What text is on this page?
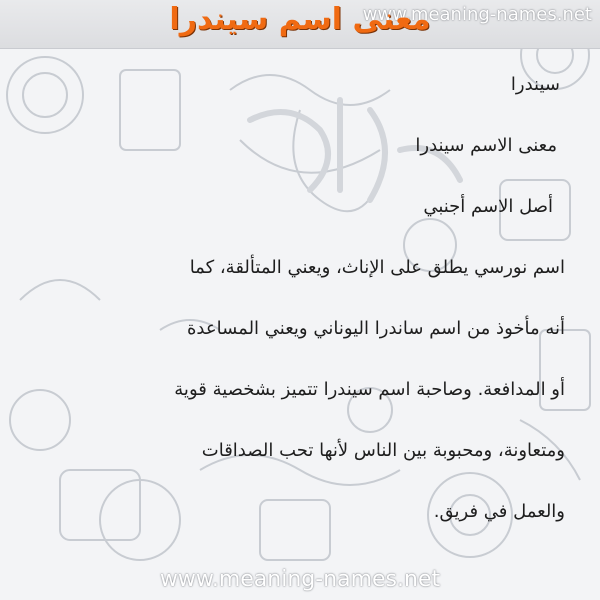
www.meaning-names.net
معنى اسم سيندرا
سيندرا
معنى الاسم سيندرا
أصل الاسم أجنبي
اسم نورسي يطلق على الإناث، ويعني المتألقة، كما
أنه مأخوذ من اسم ساندرا اليوناني ويعني المساعدة
أو المدافعة. وصاحبة اسم سيندرا تتميز بشخصية قوية
ومتعاونة، ومحبوبة بين الناس لأنها تحب الصداقات
والعمل في فريق.
www.meaning-names.net
